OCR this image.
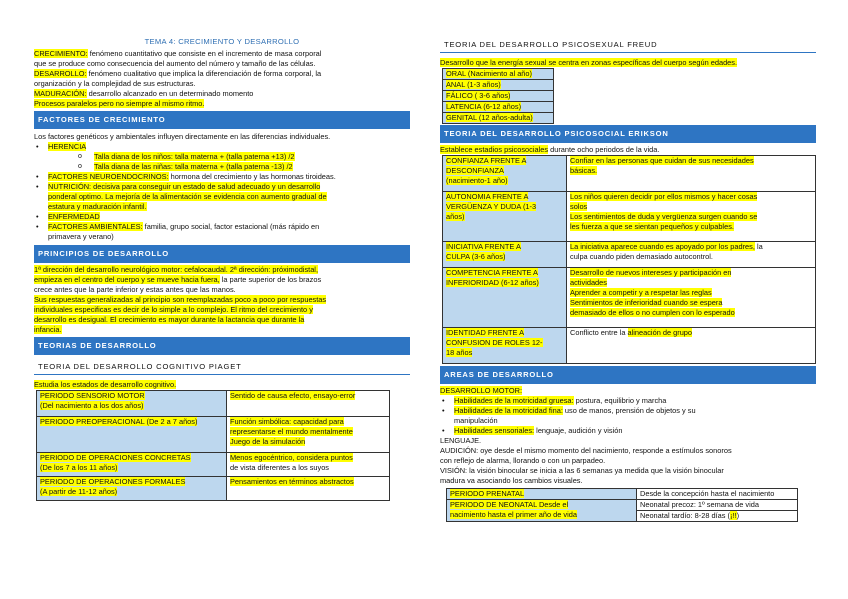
TEMA 4: CRECIMIENTO Y DESARROLLO
CRECIMIENTO: fenómeno cuantitativo que consiste en el incremento de masa corporal
que se produce como consecuencia del aumento del número y tamaño de las células.
DESARROLLO: fenómeno cualitativo que implica la diferenciación de forma corporal, la
organización y la complejidad de sus estructuras.
MADURACIÓN: desarrollo alcanzado en un determinado momento
Procesos paralelos pero no siempre al mismo ritmo.
FACTORES DE CRECIMIENTO
Los factores genéticos y ambientales influyen directamente en las diferencias individuales.
• HERENCIA
o Talla diana de los niños: talla materna + (talla paterna +13) /2
o Talla diana de las niñas: talla materna + (talla paterna -13) /2
• FACTORES NEUROENDOCRINOS: hormona del crecimiento y las hormonas tiroideas.
• NUTRICIÓN: decisiva para conseguir un estado de salud adecuado y un desarrollo
ponderal optimo. La mejoría de la alimentación se evidencia con aumento gradual de
estatura y maduración infantil.
• ENFERMEDAD
• FACTORES AMBIENTALES: familia, grupo social, factor estacional (más rápido en
primavera y verano)
PRINCIPIOS DE DESARROLLO
1ª dirección del desarrollo neurológico motor: cefalocaudal. 2ª dirección: próximodistal,
empieza en el centro del cuerpo y se mueve hacia fuera, la parte superior de los brazos
crece antes que la parte inferior y estas antes que las manos.
Sus respuestas generalizadas al principio son reemplazadas poco a poco por respuestas
individuales especificas es decir de lo simple a lo complejo. El ritmo del crecimiento y
desarrollo es desigual. El crecimiento es mayor durante la lactancia que durante la
infancia.
TEORIAS DE DESARROLLO
TEORIA DEL DESARROLLO COGNITIVO PIAGET
Estudia los estados de desarrollo cognitivo.
PERIODO SENSORIO MOTOR
(Del nacimiento a los dos años)	Sentido de causa efecto, ensayo-error
PERIODO PREOPERACIONAL (De 2 a 7 años)	Función simbólica: capacidad para
representarse el mundo mentalmente
Juego de la simulación
PERIODO DE OPERACIONES CONCRETAS
(De los 7 a los 11 años)	Menos egocéntrico, considera puntos
de vista diferentes a los suyos
PERIODO DE OPERACIONES FORMALES
(A partir de 11-12 años)	Pensamientos en términos abstractos
TEORIA DEL DESARROLLO PSICOSEXUAL FREUD
Desarrollo que la energía sexual se centra en zonas específicas del cuerpo según edades.
ORAL (Nacimiento al año)
ANAL (1-3 años)
FÁLICO ( 3-6 años)
LATENCIA (6-12 años)
GENITAL (12 años-adulta)
TEORIA DEL DESARROLLO PSICOSOCIAL ERIKSON
Establece estadios psicosociales durante ocho periodos de la vida.
CONFIANZA FRENTE A
DESCONFIANZA
(nacimiento-1 año)	Confiar en las personas que cuidan de sus necesidades
básicas.
AUTONOMIA FRENTE A
VERGÜENZA Y DUDA (1-3
años)	Los niños quieren decidir por ellos mismos y hacer cosas
solos
Los sentimientos de duda y vergüenza surgen cuando se
les fuerza a que se sientan pequeños y culpables.
INICIATIVA FRENTE A
CULPA (3-6 años)	La iniciativa aparece cuando es apoyado por los padres, la
culpa cuando piden demasiado autocontrol.
COMPETENCIA FRENTE A
INFERIORIDAD (6-12 años)	Desarrollo de nuevos intereses y participación en
actividades
Aprender a competir y a respetar las reglas
Sentimientos de inferioridad cuando se espera
demasiado de ellos o no cumplen con lo esperado
IDENTIDAD FRENTE A
CONFUSION DE ROLES 12-
18 años	Conflicto entre la alineación de grupo
AREAS DE DESARROLLO
DESARROLLO MOTOR:
• Habilidades de la motricidad gruesa: postura, equilibrio y marcha
• Habilidades de la motricidad fina: uso de manos, prensión de objetos y su
manipulación
• Habilidades sensoriales: lenguaje, audición y visión
LENGUAJE.
AUDICIÓN: oye desde el mismo momento del nacimiento, responde a estímulos sonoros
con reflejo de alarma, llorando o con un parpadeo.
VISIÓN: la visión binocular se inicia a las 6 semanas ya medida que la visión binocular
madura va asociando los cambios visuales.
PERIODO PRENATAL	Desde la concepción hasta el nacimiento
PERIODO DE NEONATAL Desde el
nacimiento hasta el primer año de vida	Neonatal precoz: 1º semana de vida
	Neonatal tardío: 8-28 días (¡!!)
